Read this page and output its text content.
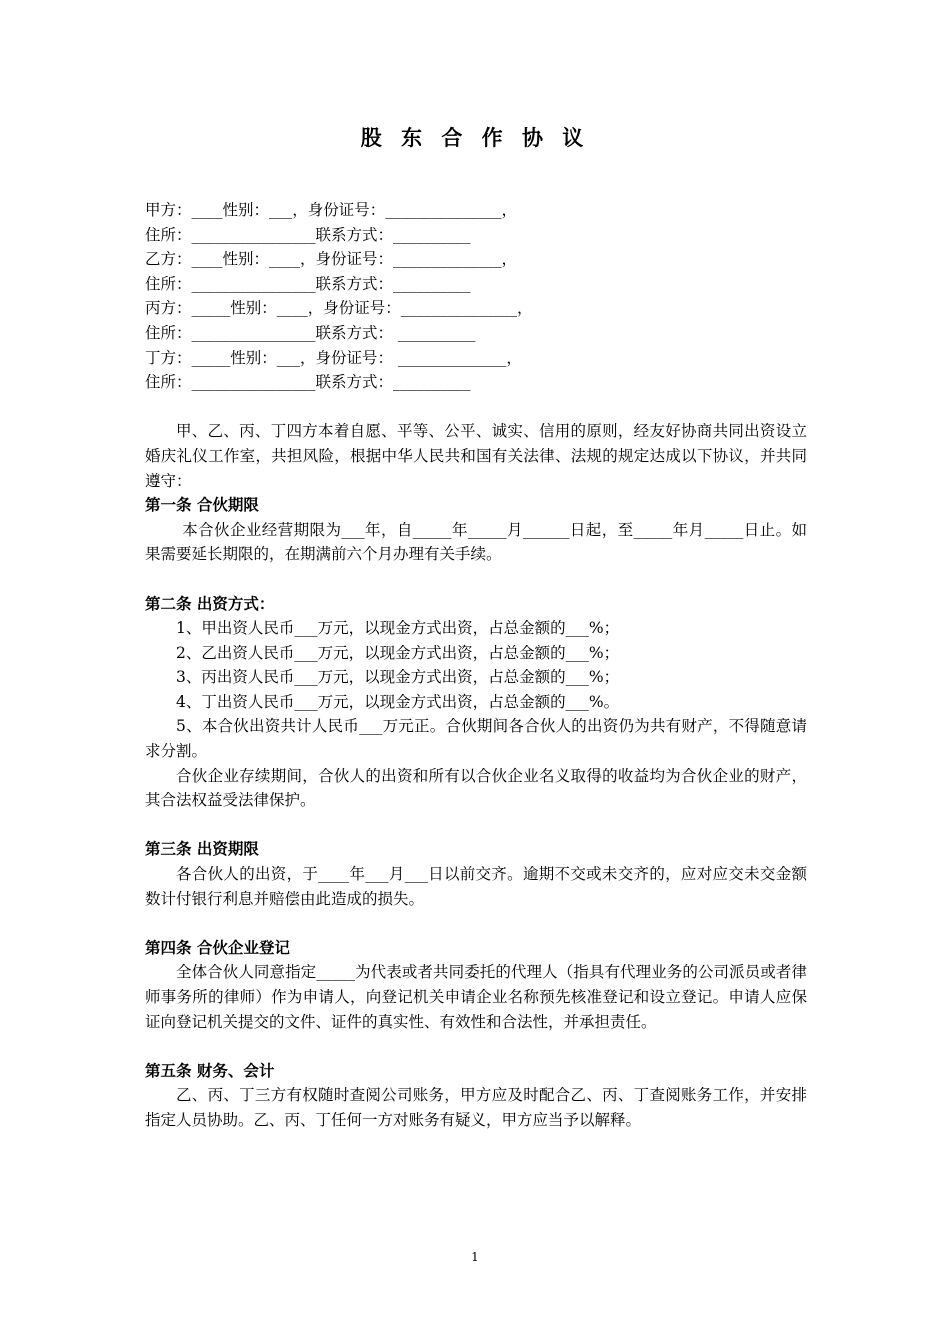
股 东 合 作 协 议
甲方：____性别：___，身份证号：_______________，
住所：________________联系方式：__________
乙方：____性别：____，身份证号：______________，
住所：________________联系方式：__________
丙方：_____性别：____，身份证号：_______________，
住所：________________联系方式： __________
丁方：_____性别：___，身份证号： ______________，
住所：________________联系方式：__________
甲、乙、丙、丁四方本着自愿、平等、公平、诚实、信用的原则，经友好协商共同出资设立婚庆礼仪工作室，共担风险，根据中华人民共和国有关法律、法规的规定达成以下协议，并共同遵守：
第一条 合伙期限
本合伙企业经营期限为___年，自_____年_____月______日起，至_____年月_____日止。如果需要延长期限的，在期满前六个月办理有关手续。
第二条 出资方式：
1、甲出资人民币___万元，以现金方式出资，占总金额的___%；
2、乙出资人民币___万元，以现金方式出资，占总金额的___%；
3、丙出资人民币___万元，以现金方式出资，占总金额的___%；
4、丁出资人民币___万元，以现金方式出资，占总金额的___%。
5、本合伙出资共计人民币___万元正。合伙期间各合伙人的出资仍为共有财产，不得随意请求分割。
合伙企业存续期间，合伙人的出资和所有以合伙企业名义取得的收益均为合伙企业的财产，其合法权益受法律保护。
第三条 出资期限
各合伙人的出资，于____年___月___日以前交齐。逾期不交或未交齐的，应对应交未交金额数计付银行利息并赔偿由此造成的损失。
第四条 合伙企业登记
全体合伙人同意指定_____为代表或者共同委托的代理人（指具有代理业务的公司派员或者律师事务所的律师）作为申请人，向登记机关申请企业名称预先核准登记和设立登记。申请人应保证向登记机关提交的文件、证件的真实性、有效性和合法性，并承担责任。
第五条 财务、会计
乙、丙、丁三方有权随时查阅公司账务，甲方应及时配合乙、丙、丁查阅账务工作，并安排指定人员协助。乙、丙、丁任何一方对账务有疑义，甲方应当予以解释。
1
